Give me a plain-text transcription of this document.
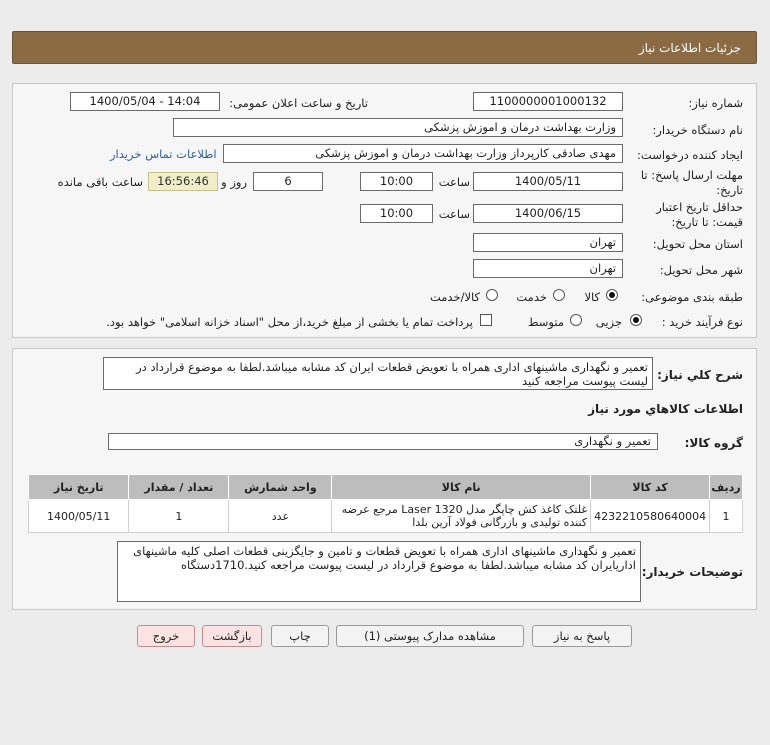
جزئیات اطلاعات نیاز
شماره نیاز:
1100000001000132
تاریخ و ساعت اعلان عمومی:
1400/05/04 - 14:04
نام دستگاه خریدار:
وزارت بهداشت درمان و اموزش پزشکی
ایجاد کننده درخواست:
مهدی صادقی کارپرداز وزارت بهداشت درمان و اموزش پزشکی
اطلاعات تماس خریدار
مهلت ارسال پاسخ: تا
تاریخ:
1400/05/11
ساعت
10:00
6
روز و
16:56:46
ساعت باقی مانده
حداقل تاریخ اعتبار
قیمت: تا تاریخ:
1400/06/15
ساعت
10:00
استان محل تحویل:
تهران
شهر محل تحویل:
تهران
طبقه بندی موضوعی:
کالا
خدمت
کالا/خدمت
نوع فرآیند خرید :
جزیی
متوسط
پرداخت تمام یا بخشی از مبلغ خرید،از محل "اسناد خزانه اسلامی" خواهد بود.
شرح کلي نياز:
تعمیر و نگهداری ماشینهای اداری همراه با تعویض قطعات ایران کد مشابه میباشد.لطفا به موضوع قرارداد در لیست پیوست مراجعه کنید
اطلاعات کالاهاي مورد نياز
گروه کالا:
تعمیر و نگهداری
ردیف	کد کالا	نام کالا	واحد شمارش	تعداد / مقدار	تاریخ نیاز
1	4232210580640004	غلتک کاغذ کش چاپگر مدل Laser 1320 مرجع عرضه کننده تولیدی و بازرگانی فولاد آرین بلدا	عدد	1	1400/05/11
توضیحات خریدار:
تعمیر و نگهداری ماشینهای اداری همراه با تعویض قطعات و تامین و جایگزینی قطعات اصلی کلیه ماشینهای اداریایران کد مشابه میباشد.لطفا به موضوع قرارداد در لیست پیوست مراجعه کنید.1710دستگاه
پاسخ به نیاز
مشاهده مدارک پیوستی (1)
چاپ
بازگشت
خروج
